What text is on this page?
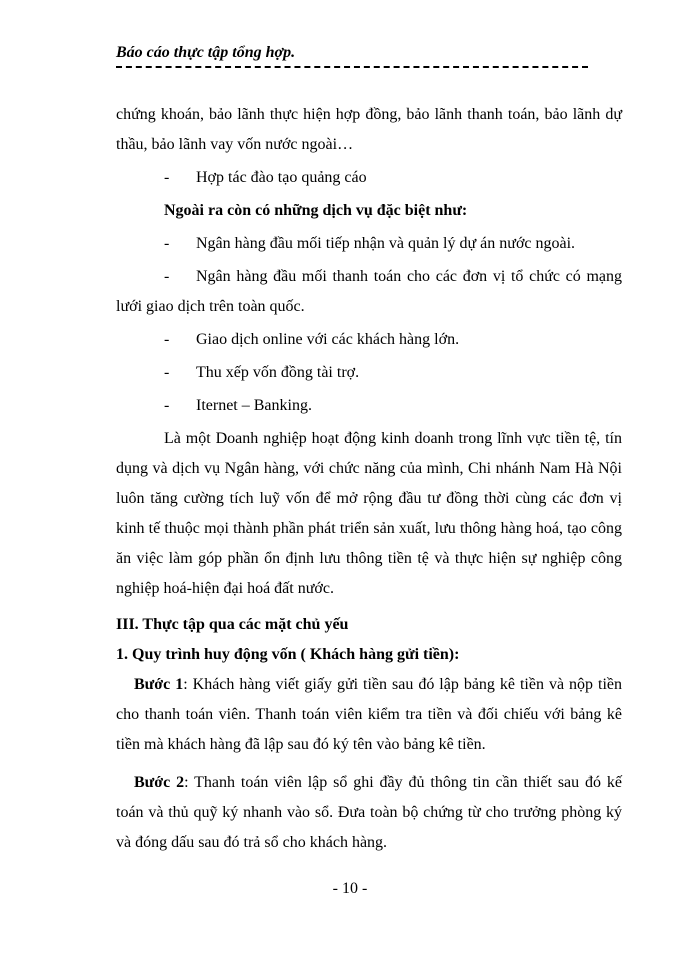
Báo cáo thực tập tổng hợp.

chứng khoán, bảo lãnh thực hiện hợp đồng, bảo lãnh thanh toán, bảo lãnh dự

thầu, bảo lãnh vay vốn nước ngoài…

-	Hợp tác đào tạo quảng cáo

Ngoài ra còn có những dịch vụ đặc biệt như:

-	Ngân hàng đầu mối tiếp nhận và quản lý dự án nước ngoài.
-	Ngân hàng đầu mối thanh toán cho các đơn vị tổ chức có mạng

lưới giao dịch trên toàn quốc.

-	Giao dịch online với các khách hàng lớn.
-	Thu xếp vốn đồng tài trợ.
-	Iternet – Banking.

Là một Doanh nghiệp hoạt động kinh doanh trong lĩnh vực tiền tệ, tín dụng và dịch vụ Ngân hàng, với chức năng của mình, Chi nhánh Nam Hà Nội luôn tăng cường tích luỹ vốn để mở rộng đầu tư đồng thời cùng các đơn vị kinh tế thuộc mọi thành phần phát triển sản xuất, lưu thông hàng hoá, tạo công ăn việc làm góp phần ổn định lưu thông tiền tệ và thực hiện sự nghiệp công nghiệp hoá-hiện đại hoá đất nước.

III. Thực tập qua các mặt chủ yếu

1. Quy trình huy động vốn ( Khách hàng gửi tiền):

Bước 1: Khách hàng viết giấy gửi tiền sau đó lập bảng kê tiền và nộp tiền cho thanh toán viên. Thanh toán viên kiểm tra tiền và đối chiếu với bảng kê tiền mà khách hàng đã lập sau đó ký tên vào bảng kê tiền.

Bước 2: Thanh toán viên lập sổ ghi đầy đủ thông tin cần thiết sau đó kế toán và thủ quỹ ký nhanh vào sổ. Đưa toàn bộ chứng từ cho trưởng phòng ký và đóng dấu sau đó trả sổ cho khách hàng.

- 10 -
